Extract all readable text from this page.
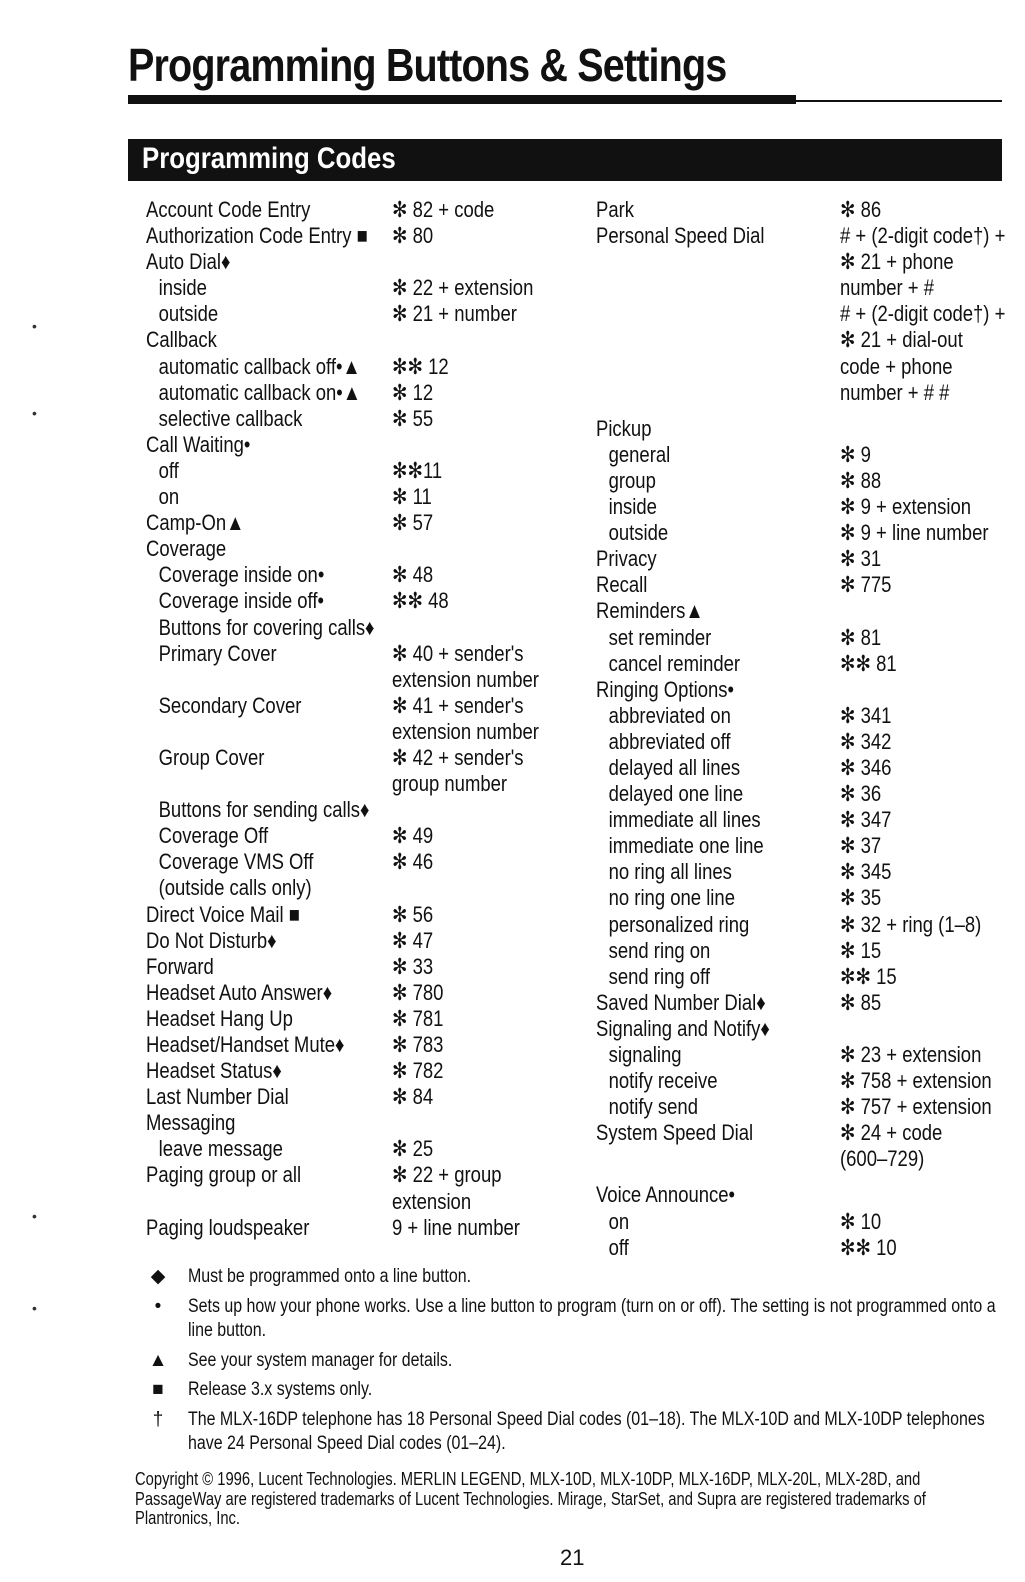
Programming Buttons & Settings
Programming Codes
Account Code Entry	✻ 82 + code
Authorization Code Entry ■ ✻ 80
Auto Dial♦
inside	✻ 22 + extension
outside	✻ 21 + number
Callback
automatic callback off•▲ ✻✻ 12
automatic callback on•▲ ✻ 12
selective callback	✻ 55
Call Waiting•
off	✻✻11
on	✻ 11
Camp-On▲	✻ 57
Coverage
Coverage inside on•	✻ 48
Coverage inside off•	✻✻ 48
Buttons for covering calls♦
Primary Cover	✻ 40 + sender's
extension number
Secondary Cover	✻ 41 + sender's
extension number
Group Cover	✻ 42 + sender's
group number
Buttons for sending calls♦
Coverage Off	✻ 49
Coverage VMS Off	✻ 46
(outside calls only)
Direct Voice Mail ■	✻ 56
Do Not Disturb♦	✻ 47
Forward	✻ 33
Headset Auto Answer♦	✻ 780
Headset Hang Up	✻ 781
Headset/Handset Mute♦ ✻ 783
Headset Status♦	✻ 782
Last Number Dial	✻ 84
Messaging
leave message	✻ 25
Paging group or all	✻ 22 + group
extension
Paging loudspeaker	9 + line number
Park	✻ 86
Personal Speed Dial	# + (2-digit code†) +
✻ 21 + phone
number + #
# + (2-digit code†) +
✻ 21 + dial-out
code + phone
number + # #
Pickup
general	✻ 9
group	✻ 88
inside	✻ 9 + extension
outside	✻ 9 + line number
Privacy	✻ 31
Recall	✻ 775
Reminders▲
set reminder	✻ 81
cancel reminder	✻✻ 81
Ringing Options•
abbreviated on	✻ 341
abbreviated off	✻ 342
delayed all lines	✻ 346
delayed one line	✻ 36
immediate all lines	✻ 347
immediate one line	✻ 37
no ring all lines	✻ 345
no ring one line	✻ 35
personalized ring	✻ 32 + ring (1–8)
send ring on	✻ 15
send ring off	✻✻ 15
Saved Number Dial♦	✻ 85
Signaling and Notify♦
signaling	✻ 23 + extension
notify receive	✻ 758 + extension
notify send	✻ 757 + extension
System Speed Dial	✻ 24 + code
(600–729)
Voice Announce•
on	✻ 10
off	✻✻ 10
◆ Must be programmed onto a line button.
•	Sets up how your phone works. Use a line button to program (turn on or off). The setting is not programmed onto a line button.
▲ See your system manager for details.
■ Release 3.x systems only.
† The MLX-16DP telephone has 18 Personal Speed Dial codes (01–18). The MLX-10D and MLX-10DP telephones have 24 Personal Speed Dial codes (01–24).
Copyright © 1996, Lucent Technologies. MERLIN LEGEND, MLX-10D, MLX-10DP, MLX-16DP, MLX-20L, MLX-28D, and PassageWay are registered trademarks of Lucent Technologies. Mirage, StarSet, and Supra are registered trademarks of Plantronics, Inc.
21
•
•
•
•
